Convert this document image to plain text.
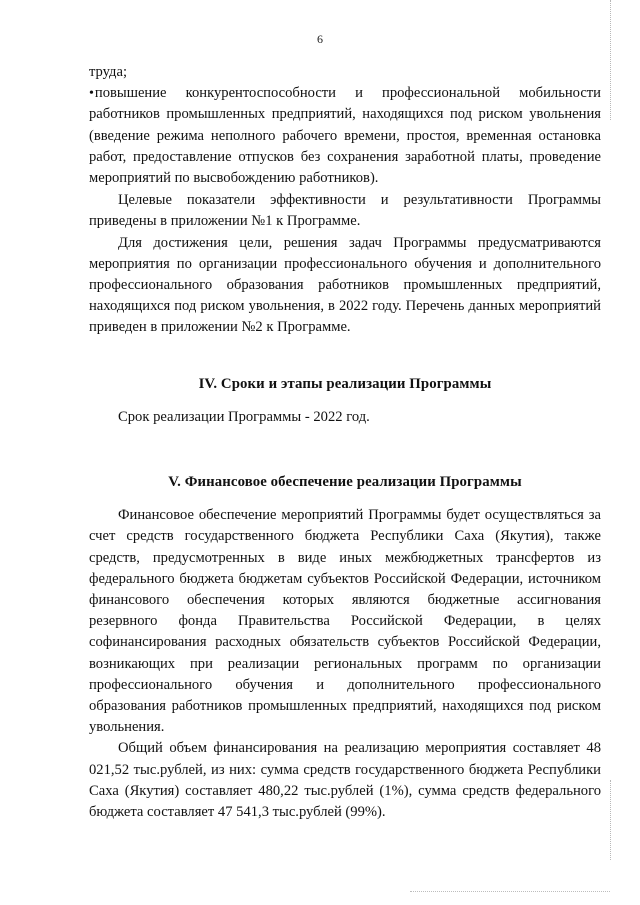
6

труда;

•повышение конкурентоспособности и профессиональной мобильности работников промышленных предприятий, находящихся под риском увольнения (введение режима неполного рабочего времени, простоя, временная остановка работ, предоставление отпусков без сохранения заработной платы, проведение мероприятий по высвобождению работников).

Целевые показатели эффективности и результативности Программы приведены в приложении №1 к Программе.

Для достижения цели, решения задач Программы предусматриваются мероприятия по организации профессионального обучения и дополнительного профессионального образования работников промышленных предприятий, находящихся под риском увольнения, в 2022 году. Перечень данных мероприятий приведен в приложении №2 к Программе.

IV. Сроки и этапы реализации Программы

Срок реализации Программы - 2022 год.

V. Финансовое обеспечение реализации Программы

Финансовое обеспечение мероприятий Программы будет осуществляться за счет средств государственного бюджета Республики Саха (Якутия), также средств, предусмотренных в виде иных межбюджетных трансфертов из федерального бюджета бюджетам субъектов Российской Федерации, источником финансового обеспечения которых являются бюджетные ассигнования резервного фонда Правительства Российской Федерации, в целях софинансирования расходных обязательств субъектов Российской Федерации, возникающих при реализации региональных программ по организации профессионального обучения и дополнительного профессионального образования работников промышленных предприятий, находящихся под риском увольнения.

Общий объем финансирования на реализацию мероприятия составляет 48 021,52 тыс.рублей, из них: сумма средств государственного бюджета Республики Саха (Якутия) составляет 480,22 тыс.рублей (1%), сумма средств федерального бюджета составляет 47 541,3 тыс.рублей (99%).
